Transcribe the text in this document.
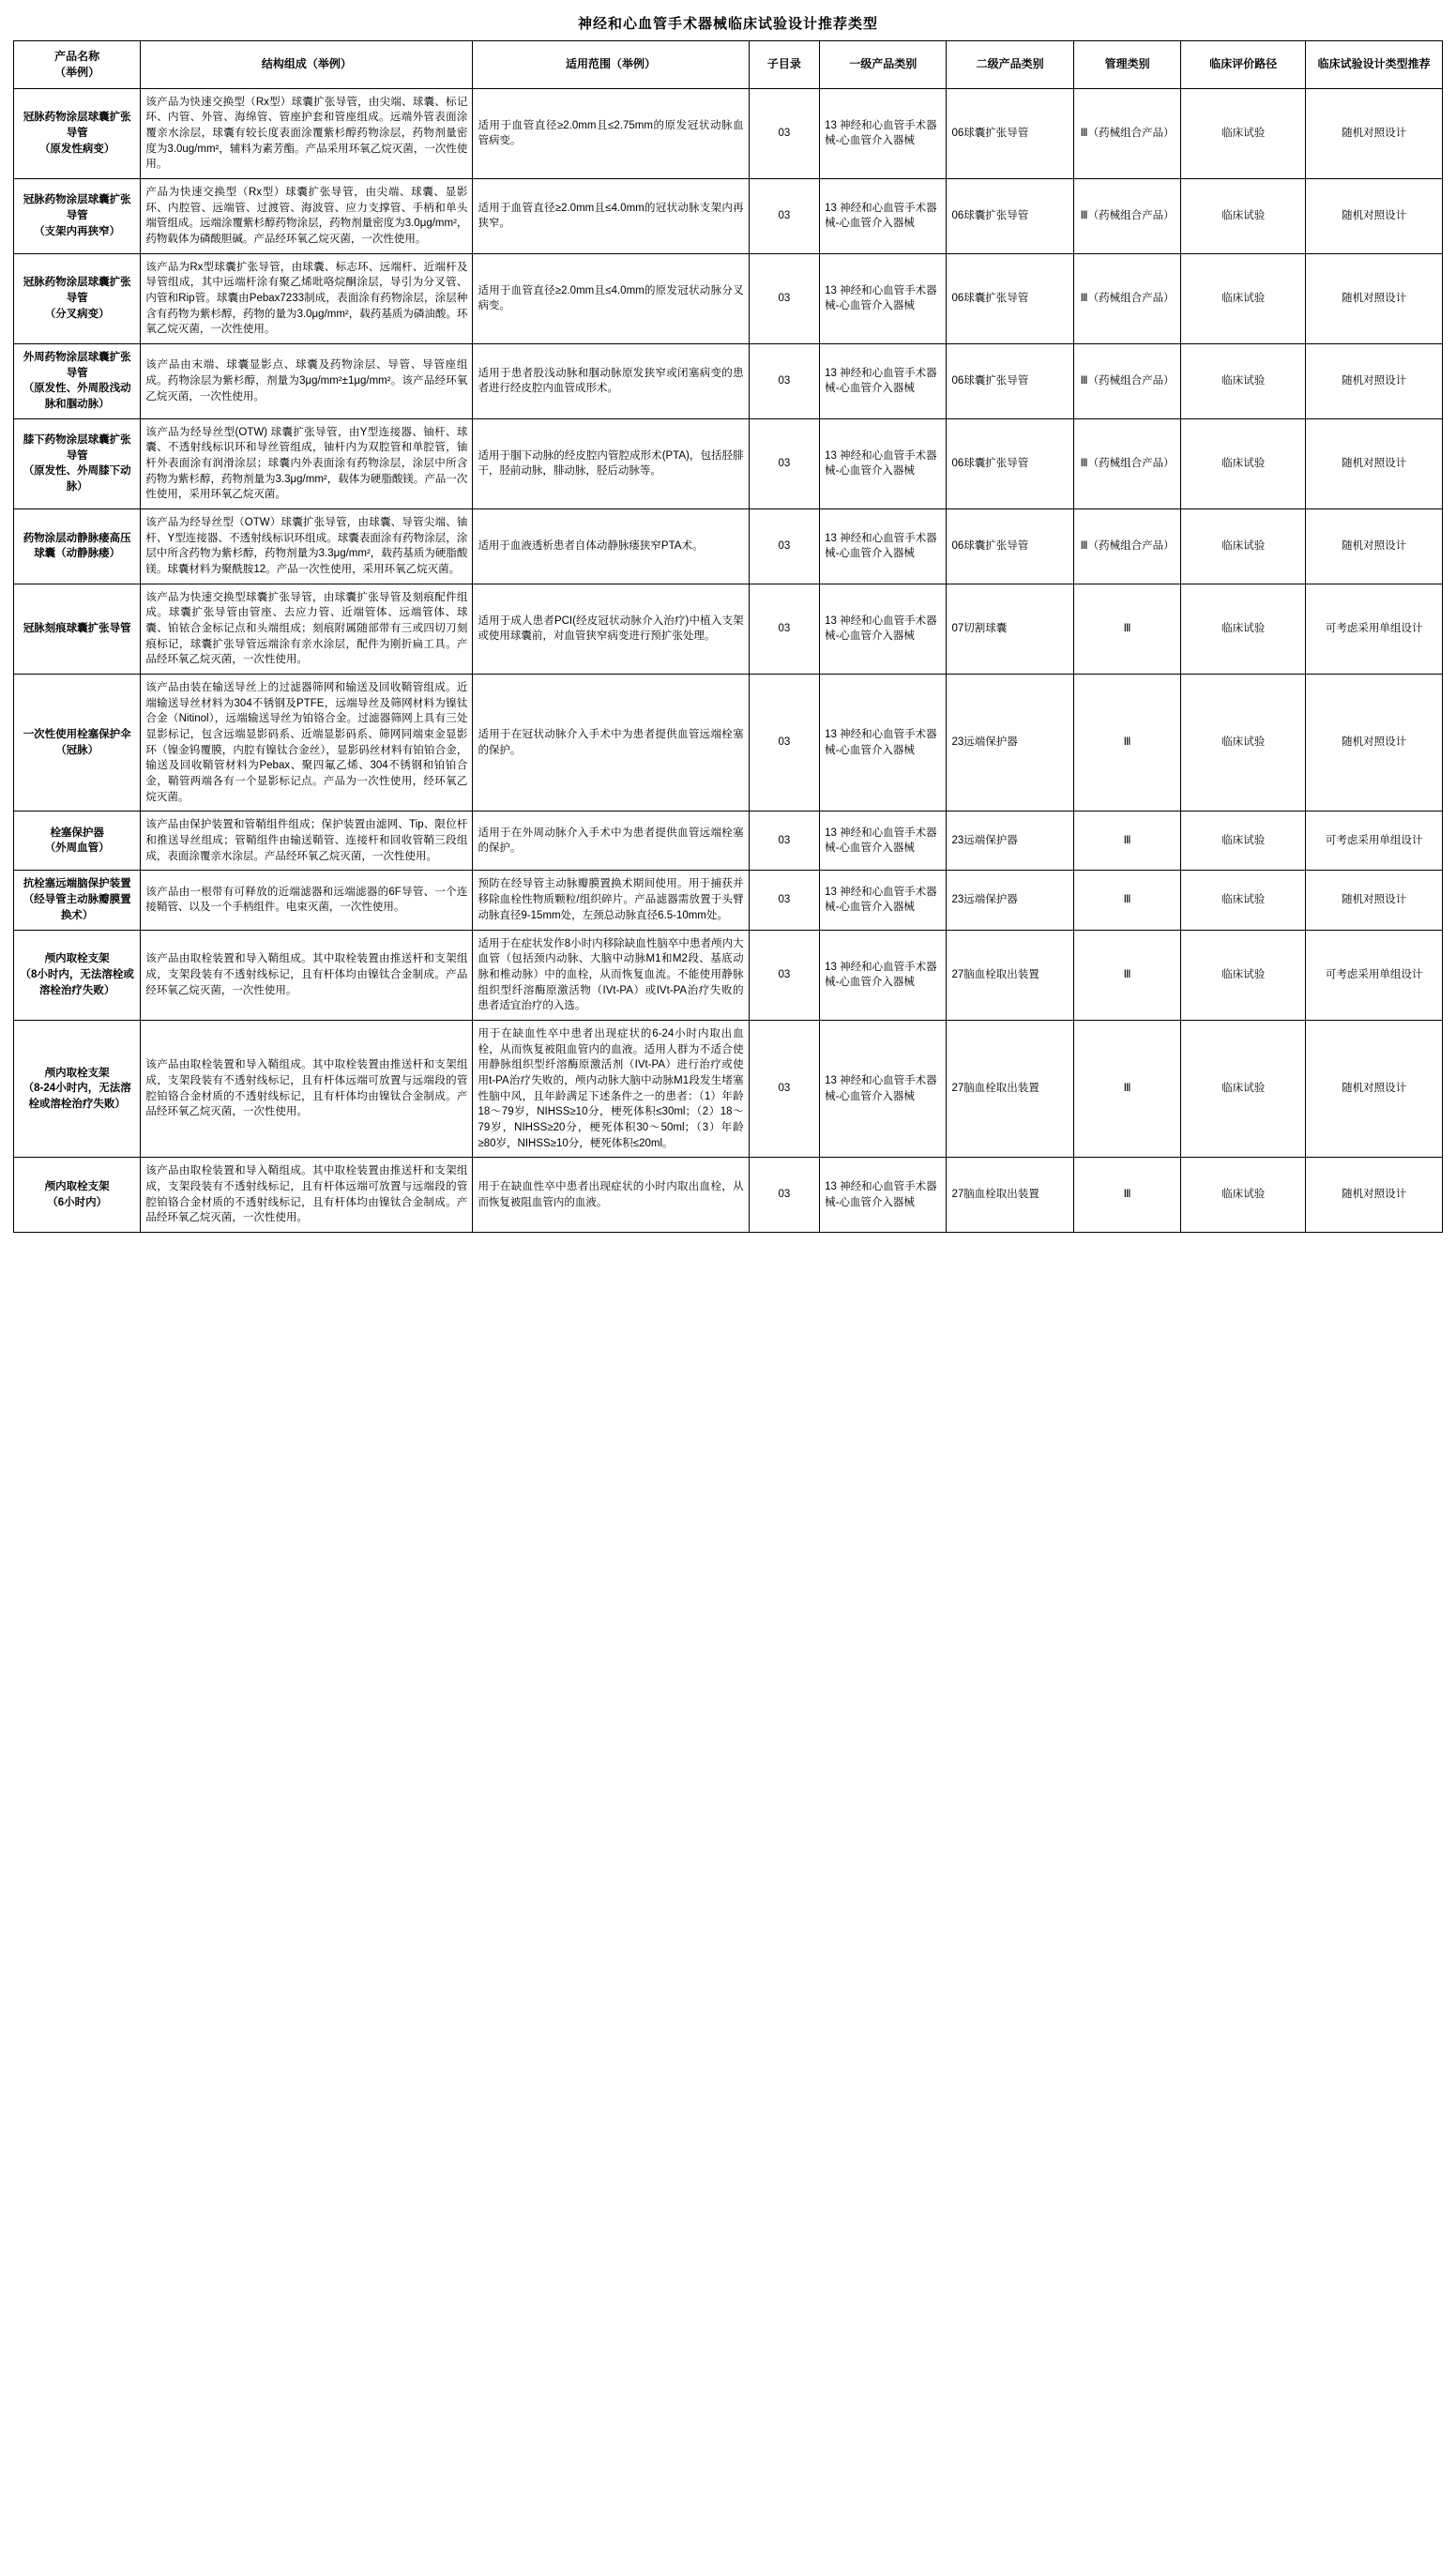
神经和心血管手术器械临床试验设计推荐类型
产品名称
（举例）	结构组成（举例）	适用范围（举例）	子目录	一级产品类别	二级产品类别	管理类别	临床评价路径	临床试验设计类型推荐

冠脉药物涂层球囊扩张
导管
（原发性病变）	该产品为快速交换型（Rx型）球囊扩张导管，由尖端、球囊、标记环、内管、外管、海绵管、管座护套和管座组成。远端外管表面涂覆亲水涂层，球囊有较长度表面涂覆紫杉醇药物涂层，药物剂量密度为3.0ug/mm²，辅料为素芳酯。产品采用环氧乙烷灭菌，一次性使用。	适用于血管直径≥2.0mm且≤2.75mm的原发冠状动脉血管病变。	03	13 神经和心血管手术器械-心血管介入器械	06球囊扩张导管	Ⅲ（药械组合产品）	临床试验	随机对照设计

冠脉药物涂层球囊扩张
导管
（支架内再狭窄）	产品为快速交换型（Rx型）球囊扩张导管，由尖端、球囊、显影环、内腔管、远端管、过渡管、海波管、应力支撑管、手柄和单头端管组成。远端涂覆紫杉醇药物涂层，药物剂量密度为3.0μg/mm²，药物载体为磷酸胆碱。产品经环氧乙烷灭菌，一次性使用。	适用于血管直径≥2.0mm且≤4.0mm的冠状动脉支架内再狭窄。	03	13 神经和心血管手术器械-心血管介入器械	06球囊扩张导管	Ⅲ（药械组合产品）	临床试验	随机对照设计

冠脉药物涂层球囊扩张
导管
（分叉病变）	该产品为Rx型球囊扩张导管，由球囊、标志环、远端杆、近端杆及导管组成，其中远端杆涂有聚乙烯吡咯烷酮涂层，导引为分叉管、内管和Rip管。球囊由Pebax7233制成，表面涂有药物涂层，涂层种含有药物为紫杉醇，药物的量为3.0μg/mm²，载药基质为磷油酸。环氧乙烷灭菌，一次性使用。	适用于血管直径≥2.0mm且≤4.0mm的原发冠状动脉分叉病变。	03	13 神经和心血管手术器械-心血管介入器械	06球囊扩张导管	Ⅲ（药械组合产品）	临床试验	随机对照设计

外周药物涂层球囊扩张
导管
（原发性、外周股浅动
脉和腘动脉）	该产品由末端、球囊显影点、球囊及药物涂层、导管、导管座组成。药物涂层为紫杉醇，剂量为3μg/mm²±1μg/mm²。该产品经环氧乙烷灭菌，一次性使用。	适用于患者股浅动脉和腘动脉原发狭窄或闭塞病变的患者进行经皮腔内血管成形术。	03	13 神经和心血管手术器械-心血管介入器械	06球囊扩张导管	Ⅲ（药械组合产品）	临床试验	随机对照设计

膝下药物涂层球囊扩张
导管
（原发性、外周膝下动
脉）	该产品为经导丝型(OTW) 球囊扩张导管，由Y型连接器、铀杆、球囊、不透射线标识环和导丝管组成，铀杆内为双腔管和单腔管，铀杆外表面涂有润滑涂层；球囊内外表面涂有药物涂层，涂层中所含药物为紫杉醇，药物剂量为3.3μg/mm²，载体为硬脂酸镁。产品一次性使用，采用环氧乙烷灭菌。	适用于腘下动脉的经皮腔内管腔成形术(PTA)，包括胫腓干，胫前动脉，腓动脉，胫后动脉等。	03	13 神经和心血管手术器械-心血管介入器械	06球囊扩张导管	Ⅲ（药械组合产品）	临床试验	随机对照设计

药物涂层动静脉瘘高压
球囊（动静脉瘘）	该产品为经导丝型（OTW）球囊扩张导管，由球囊、导管尖端、铀杆、Y型连接器、不透射线标识环组成。球囊表面涂有药物涂层，涂层中所含药物为紫杉醇，药物剂量为3.3μg/mm²，载药基质为硬脂酸镁。球囊材料为聚酰胺12。产品一次性使用，采用环氧乙烷灭菌。	适用于血液透析患者自体动静脉瘘狭窄PTA术。	03	13 神经和心血管手术器械-心血管介入器械	06球囊扩张导管	Ⅲ（药械组合产品）	临床试验	随机对照设计

冠脉刻痕球囊扩张导管	该产品为快速交换型球囊扩张导管，由球囊扩张导管及刻痕配件组成。球囊扩张导管由管座、去应力管、近端管体、远端管体、球囊、铂铱合金标记点和头端组成；刻痕附属随部带有三或四切刀刻痕标记，球囊扩张导管远端涂有亲水涂层，配件为刚折扁工具。产品经环氧乙烷灭菌，一次性使用。	适用于成人患者PCI(经皮冠状动脉介入治疗)中植入支架或使用球囊前，对血管狭窄病变进行预扩张处理。	03	13 神经和心血管手术器械-心血管介入器械	07切割球囊	Ⅲ	临床试验	可考虑采用单组设计

一次性使用栓塞保护伞
（冠脉）	该产品由装在输送导丝上的过滤器筛网和输送及回收鞘管组成。近端输送导丝材料为304不锈钢及PTFE，远端导丝及筛网材料为镍钛合金（Nitinol），远端输送导丝为铂铬合金。过滤器筛网上具有三处显影标记，包含远端显影码系、近端显影码系、筛网同端束金显影环（镍金钨覆膜，内腔有镍钛合金丝），显影码丝材料有铂铂合金，输送及回收鞘管材料为Pebax、聚四氟乙烯、304不锈钢和铂铂合金，鞘管两端各有一个显影标记点。产品为一次性使用，经环氧乙烷灭菌。	适用于在冠状动脉介入手术中为患者提供血管远端栓塞的保护。	03	13 神经和心血管手术器械-心血管介入器械	23远端保护器	Ⅲ	临床试验	随机对照设计

栓塞保护器
（外周血管）	该产品由保护装置和管鞘组件组成；保护装置由滤网、Tip、限位杆和推送导丝组成；管鞘组件由输送鞘管、连接杆和回收管鞘三段组成，表面涂覆亲水涂层。产品经环氧乙烷灭菌，一次性使用。	适用于在外周动脉介入手术中为患者提供血管远端栓塞的保护。	03	13 神经和心血管手术器械-心血管介入器械	23远端保护器	Ⅲ	临床试验	可考虑采用单组设计

抗栓塞远端脑保护装置
（经导管主动脉瓣膜置
换术）	该产品由一根带有可释放的近端滤器和远端滤器的6F导管、一个连接鞘管、以及一个手柄组件。电束灭菌，一次性使用。	预防在经导管主动脉瓣膜置换术期间使用。用于捕获并移除血栓性物质颗粒/组织碎片。产品滤器需放置于头臂动脉直径9-15mm处，左颈总动脉直径6.5-10mm处。	03	13 神经和心血管手术器械-心血管介入器械	23远端保护器	Ⅲ	临床试验	随机对照设计

颅内取栓支架
（8小时内，无法溶栓或
溶栓治疗失败）	该产品由取栓装置和导入鞘组成。其中取栓装置由推送杆和支架组成，支架段装有不透射线标记，且有杆体均由镍钛合金制成。产品经环氧乙烷灭菌，一次性使用。	适用于在症状发作8小时内移除缺血性脑卒中患者颅内大血管（包括颈内动脉、大脑中动脉M1和M2段、基底动脉和椎动脉）中的血栓，从而恢复血流。不能使用静脉组织型纤溶酶原激活物（IVt-PA）或IVt-PA治疗失败的患者适宜治疗的入选。	03	13 神经和心血管手术器械-心血管介入器械	27脑血栓取出装置	Ⅲ	临床试验	可考虑采用单组设计

颅内取栓支架
（8-24小时内，无法溶
栓或溶栓治疗失败）
	该产品由取栓装置和导入鞘组成。其中取栓装置由推送杆和支架组成，支架段装有不透射线标记，且有杆体远端可放置与远端段的管腔铂铬合金材质的不透射线标记，且有杆体均由镍钛合金制成。产品经环氧乙烷灭菌，一次性使用。	用于在缺血性卒中患者出现症状的6-24小时内取出血栓，从而恢复被阻血管内的血液。适用人群为不适合使用静脉组织型纤溶酶原激活剂（IVt-PA）进行治疗或使用t-PA治疗失败的，颅内动脉大脑中动脉M1段发生堵塞性脑中风，且年龄满足下述条件之一的患者：（1）年龄18～79岁，NIHSS≥10分，梗死体积≤30ml；（2）18～79岁，NIHSS≥20分，梗死体积30～50ml；（3）年龄≥80岁，NIHSS≥10分，梗死体积≤20ml。	03	13 神经和心血管手术器械-心血管介入器械	27脑血栓取出装置	Ⅲ	临床试验	随机对照设计

颅内取栓支架
（6小时内）	该产品由取栓装置和导入鞘组成。其中取栓装置由推送杆和支架组成，支架段装有不透射线标记，且有杆体远端可放置与远端段的管腔铂铬合金材质的不透射线标记，且有杆体均由镍钛合金制成。产品经环氧乙烷灭菌，一次性使用。	用于在缺血性卒中患者出现症状的小时内取出血栓，从而恢复被阻血管内的血液。	03	13 神经和心血管手术器械-心血管介入器械	27脑血栓取出装置	Ⅲ	临床试验	随机对照设计
